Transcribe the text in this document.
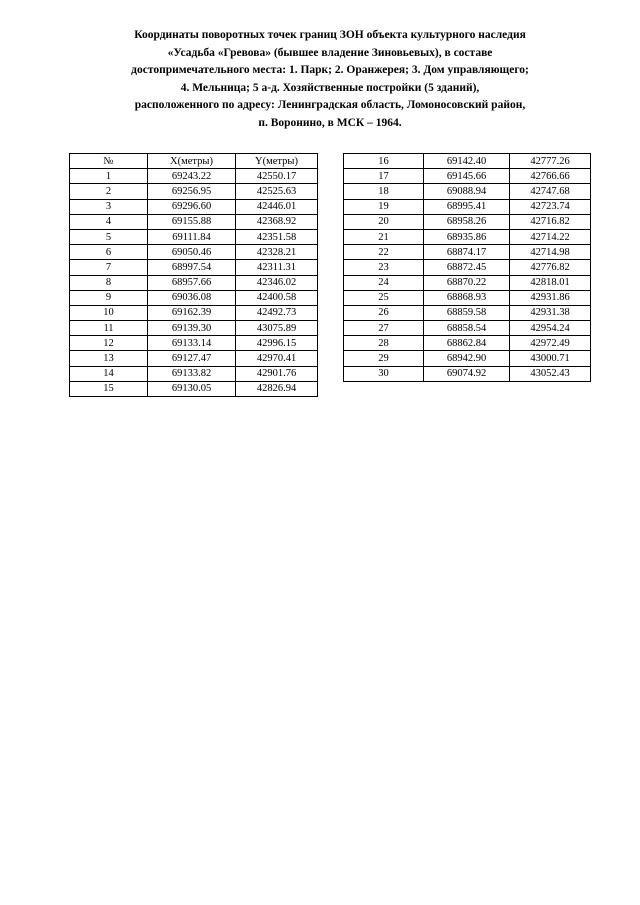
Координаты поворотных точек границ ЗОН объекта культурного наследия
«Усадьба «Гревова» (бывшее владение Зиновьевых), в составе
достопримечательного места: 1. Парк; 2. Оранжерея; 3. Дом управляющего;
4. Мельница; 5 а-д. Хозяйственные постройки (5 зданий),
расположенного по адресу: Ленинградская область, Ломоносовский район,
п. Воронино, в МСК – 1964.
№	X(метры)	Y(метры)
1	69243.22	42550.17
2	69256.95	42525.63
3	69296.60	42446.01
4	69155.88	42368.92
5	69111.84	42351.58
6	69050.46	42328.21
7	68997.54	42311.31
8	68957.66	42346.02
9	69036.08	42400.58
10	69162.39	42492.73
11	69139.30	43075.89
12	69133.14	42996.15
13	69127.47	42970.41
14	69133.82	42901.76
15	69130.05	42826.94
16	69142.40	42777.26
17	69145.66	42766.66
18	69088.94	42747.68
19	68995.41	42723.74
20	68958.26	42716.82
21	68935.86	42714.22
22	68874.17	42714.98
23	68872.45	42776.82
24	68870.22	42818.01
25	68868.93	42931.86
26	68859.58	42931.38
27	68858.54	42954.24
28	68862.84	42972.49
29	68942.90	43000.71
30	69074.92	43052.43
